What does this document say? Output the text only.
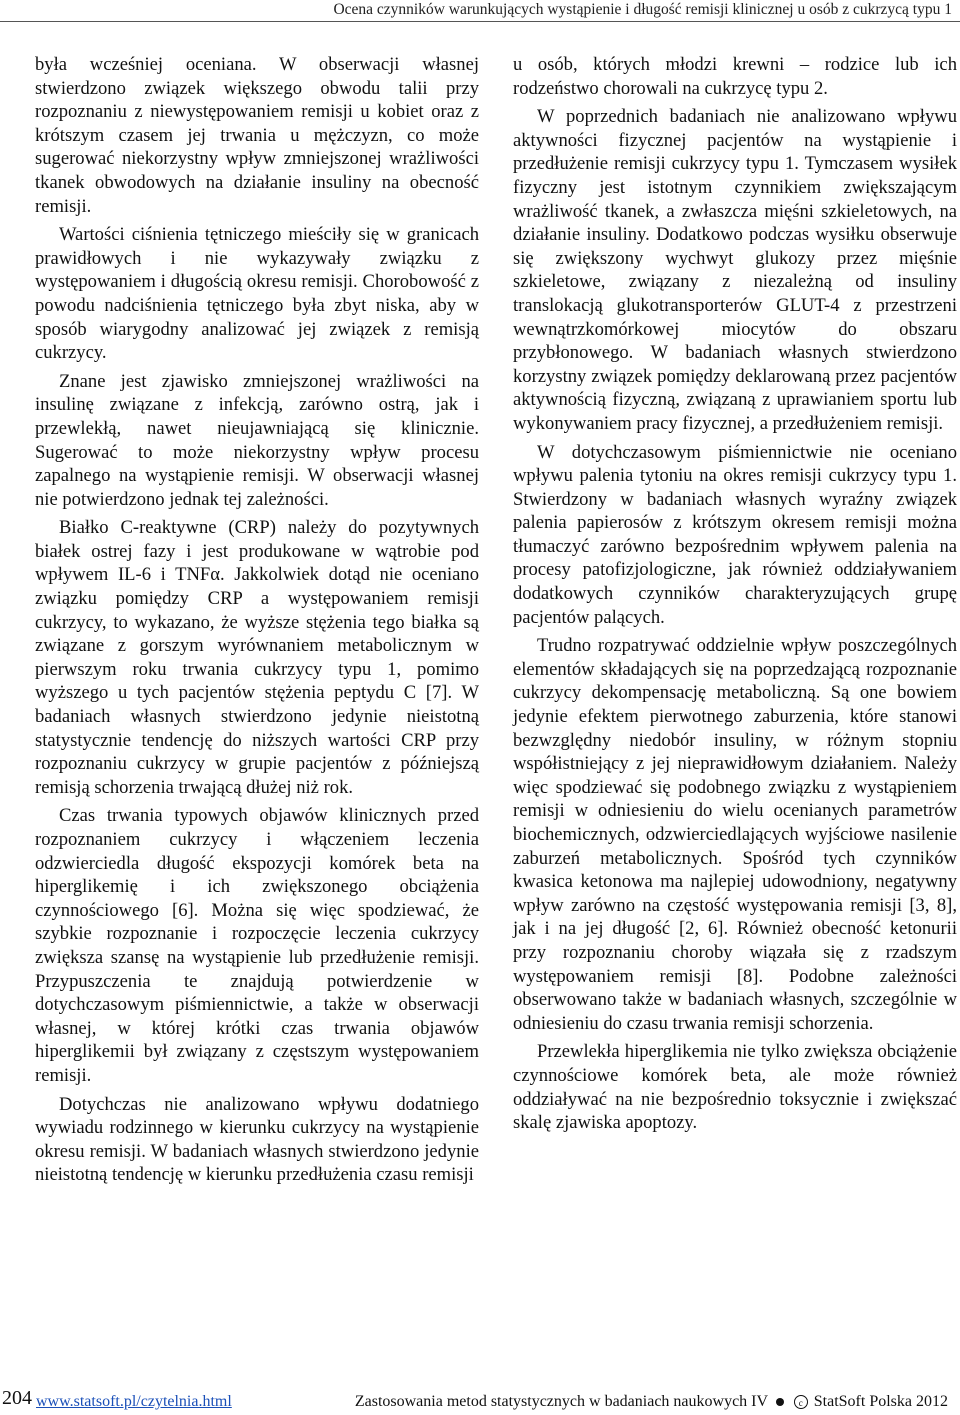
Ocena czynników warunkujących wystąpienie i długość remisji klinicznej u osób z cukrzycą typu 1

była wcześniej oceniana. W obserwacji własnej stwierdzono związek większego obwodu talii przy rozpoznaniu z niewystępowaniem remisji u kobiet oraz z krótszym czasem jej trwania u mężczyzn, co może sugerować niekorzystny wpływ zmniejszonej wrażliwości tkanek obwodowych na działanie insuliny na obecność remisji.

Wartości ciśnienia tętniczego mieściły się w granicach prawidłowych i nie wykazywały związku z występowaniem i długością okresu remisji. Chorobowość z powodu nadciśnienia tętniczego była zbyt niska, aby w sposób wiarygodny analizować jej związek z remisją cukrzycy.

Znane jest zjawisko zmniejszonej wrażliwości na insulinę związane z infekcją, zarówno ostrą, jak i przewlekłą, nawet nieujawniającą się klinicznie. Sugerować to może niekorzystny wpływ procesu zapalnego na wystąpienie remisji. W obserwacji własnej nie potwierdzono jednak tej zależności.

Białko C-reaktywne (CRP) należy do pozytywnych białek ostrej fazy i jest produkowane w wątrobie pod wpływem IL-6 i TNFα. Jakkolwiek dotąd nie oceniano związku pomiędzy CRP a występowaniem remisji cukrzycy, to wykazano, że wyższe stężenia tego białka są związane z gorszym wyrównaniem metabolicznym w pierwszym roku trwania cukrzycy typu 1, pomimo wyższego u tych pacjentów stężenia peptydu C [7]. W badaniach własnych stwierdzono jedynie nieistotną statystycznie tendencję do niższych wartości CRP przy rozpoznaniu cukrzycy w grupie pacjentów z późniejszą remisją schorzenia trwającą dłużej niż rok.

Czas trwania typowych objawów klinicznych przed rozpoznaniem cukrzycy i włączeniem leczenia odzwierciedla długość ekspozycji komórek beta na hiperglikemię i ich zwiększonego obciążenia czynnościowego [6]. Można się więc spodziewać, że szybkie rozpoznanie i rozpoczęcie leczenia cukrzycy zwiększa szansę na wystąpienie lub przedłużenie remisji. Przypuszczenia te znajdują potwierdzenie w dotychczasowym piśmiennictwie, a także w obserwacji własnej, w której krótki czas trwania objawów hiperglikemii był związany z częstszym występowaniem remisji.

Dotychczas nie analizowano wpływu dodatniego wywiadu rodzinnego w kierunku cukrzycy na wystąpienie okresu remisji. W badaniach własnych stwierdzono jedynie nieistotną tendencję w kierunku przedłużenia czasu remisji

u osób, których młodzi krewni – rodzice lub ich rodzeństwo chorowali na cukrzycę typu 2.

W poprzednich badaniach nie analizowano wpływu aktywności fizycznej pacjentów na wystąpienie i przedłużenie remisji cukrzycy typu 1. Tymczasem wysiłek fizyczny jest istotnym czynnikiem zwiększającym wrażliwość tkanek, a zwłaszcza mięśni szkieletowych, na działanie insuliny. Dodatkowo podczas wysiłku obserwuje się zwiększony wychwyt glukozy przez mięśnie szkieletowe, związany z niezależną od insuliny translokacją glukotransporterów GLUT-4 z przestrzeni wewnątrzkomórkowej miocytów do obszaru przybłonowego. W badaniach własnych stwierdzono korzystny związek pomiędzy deklarowaną przez pacjentów aktywnością fizyczną, związaną z uprawianiem sportu lub wykonywaniem pracy fizycznej, a przedłużeniem remisji.

W dotychczasowym piśmiennictwie nie oceniano wpływu palenia tytoniu na okres remisji cukrzycy typu 1. Stwierdzony w badaniach własnych wyraźny związek palenia papierosów z krótszym okresem remisji można tłumaczyć zarówno bezpośrednim wpływem palenia na procesy patofizjologiczne, jak również oddziaływaniem dodatkowych czynników charakteryzujących grupę pacjentów palących.

Trudno rozpatrywać oddzielnie wpływ poszczególnych elementów składających się na poprzedzającą rozpoznanie cukrzycy dekompensację metaboliczną. Są one bowiem jedynie efektem pierwotnego zaburzenia, które stanowi bezwzględny niedobór insuliny, w różnym stopniu współistniejący z jej nieprawidłowym działaniem. Należy więc spodziewać się podobnego związku z wystąpieniem remisji w odniesieniu do wielu ocenianych parametrów biochemicznych, odzwierciedlających wyjściowe nasilenie zaburzeń metabolicznych. Spośród tych czynników kwasica ketonowa ma najlepiej udowodniony, negatywny wpływ zarówno na częstość występowania remisji [3, 8], jak i na jej długość [2, 6]. Również obecność ketonurii przy rozpoznaniu choroby wiązała się z rzadszym występowaniem remisji [8]. Podobne zależności obserwowano także w badaniach własnych, szczególnie w odniesieniu do czasu trwania remisji schorzenia.

Przewlekła hiperglikemia nie tylko zwiększa obciążenie czynnościowe komórek beta, ale może również oddziaływać na nie bezpośrednio toksycznie i zwiększać skalę zjawiska apoptozy.

204 www.statsoft.pl/czytelnia.html	Zastosowania metod statystycznych w badaniach naukowych IV	c StatSoft Polska 2012
